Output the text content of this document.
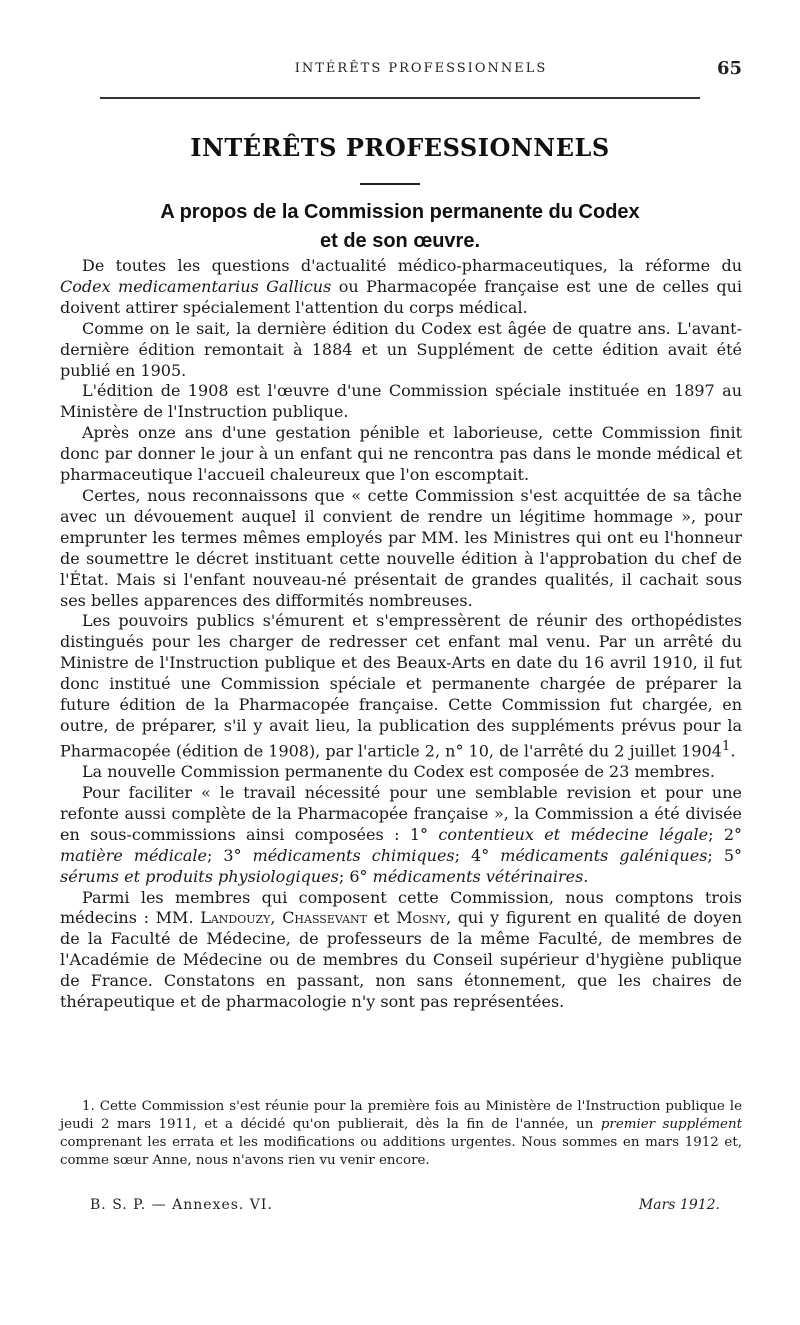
INTÉRÊTS PROFESSIONNELS	65
INTÉRÊTS PROFESSIONNELS
A propos de la Commission permanente du Codex
et de son œuvre.

De toutes les questions d'actualité médico-pharmaceutiques, la réforme du Codex medicamentarius Gallicus ou Pharmacopée française est une de celles qui doivent attirer spécialement l'attention du corps médical.

Comme on le sait, la dernière édition du Codex est âgée de quatre ans. L'avant-dernière édition remontait à 1884 et un Supplément de cette édition avait été publié en 1905.

L'édition de 1908 est l'œuvre d'une Commission spéciale instituée en 1897 au Ministère de l'Instruction publique.

Après onze ans d'une gestation pénible et laborieuse, cette Commission finit donc par donner le jour à un enfant qui ne rencontra pas dans le monde médical et pharmaceutique l'accueil chaleureux que l'on escomptait.

Certes, nous reconnaissons que « cette Commission s'est acquittée de sa tâche avec un dévouement auquel il convient de rendre un légitime hommage », pour emprunter les termes mêmes employés par MM. les Ministres qui ont eu l'honneur de soumettre le décret instituant cette nouvelle édition à l'approbation du chef de l'État. Mais si l'enfant nouveau-né présentait de grandes qualités, il cachait sous ses belles apparences des difformités nombreuses.

Les pouvoirs publics s'émurent et s'empressèrent de réunir des orthopédistes distingués pour les charger de redresser cet enfant mal venu. Par un arrêté du Ministre de l'Instruction publique et des Beaux-Arts en date du 16 avril 1910, il fut donc institué une Commission spéciale et permanente chargée de préparer la future édition de la Pharmacopée française. Cette Commission fut chargée, en outre, de préparer, s'il y avait lieu, la publication des suppléments prévus pour la Pharmacopée (édition de 1908), par l'article 2, n° 10, de l'arrêté du 2 juillet 1904$^1$.

La nouvelle Commission permanente du Codex est composée de 23 membres.

Pour faciliter « le travail nécessité pour une semblable revision et pour une refonte aussi complète de la Pharmacopée française », la Commission a été divisée en sous-commissions ainsi composées : 1° contentieux et médecine légale; 2° matière médicale; 3° médicaments chimiques; 4° médicaments galéniques; 5° sérums et produits physiologiques; 6° médicaments vétérinaires.

Parmi les membres qui composent cette Commission, nous comptons trois médecins : MM. Landouzy, Chassevant et Mosny, qui y figurent en qualité de doyen de la Faculté de Médecine, de professeurs de la même Faculté, de membres de l'Académie de Médecine ou de membres du Conseil supérieur d'hygiène publique de France. Constatons en passant, non sans étonnement, que les chaires de thérapeutique et de pharmacologie n'y sont pas représentées.

1. Cette Commission s'est réunie pour la première fois au Ministère de l'Instruction publique le jeudi 2 mars 1911, et a décidé qu'on publierait, dès la fin de l'année, un premier supplément comprenant les errata et les modifications ou additions urgentes. Nous sommes en mars 1912 et, comme sœur Anne, nous n'avons rien vu venir encore.

B. S. P. — Annexes. VI.	Mars 1912.
